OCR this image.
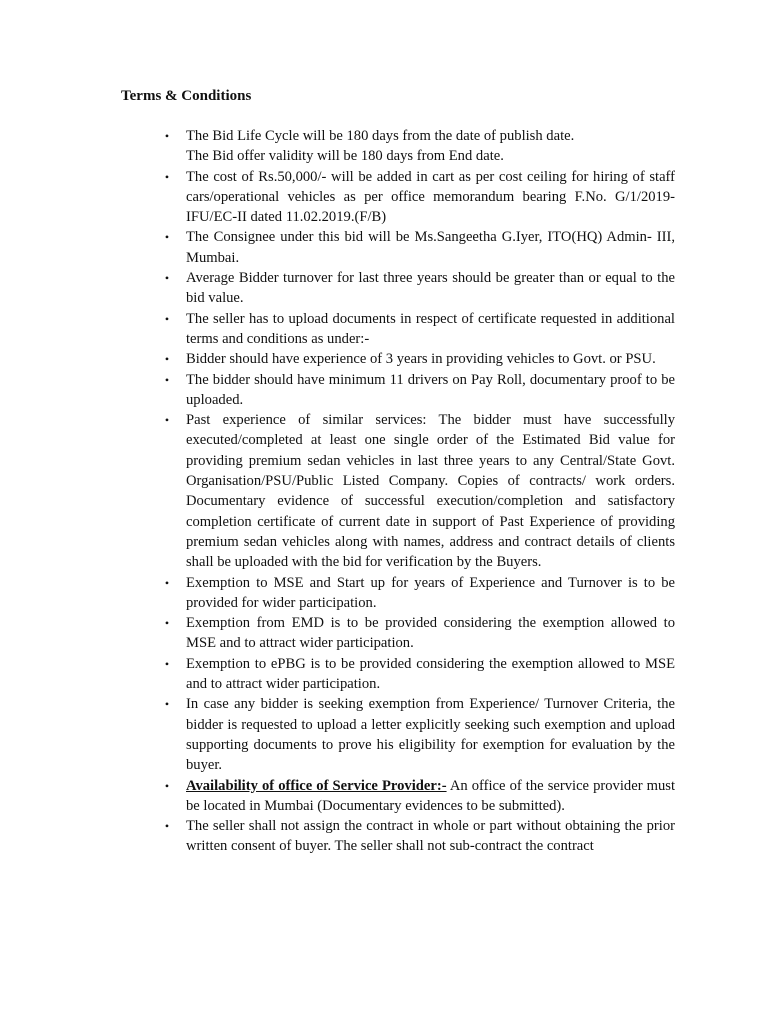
Terms & Conditions
• The Bid Life Cycle will be 180 days from the date of publish date.
The Bid offer validity will be 180 days from End date.
• The cost of Rs.50,000/- will be added in cart as per cost ceiling for hiring of staff cars/operational vehicles as per office memorandum bearing F.No. G/1/2019-IFU/EC-II dated 11.02.2019.(F/B)
• The Consignee under this bid will be Ms.Sangeetha G.Iyer, ITO(HQ) Admin- III, Mumbai.
• Average Bidder turnover for last three years should be greater than or equal to the bid value.
• The seller has to upload documents in respect of certificate requested in additional terms and conditions as under:-
• Bidder should have experience of 3 years in providing vehicles to Govt. or PSU.
• The bidder should have minimum 11 drivers on Pay Roll, documentary proof to be uploaded.
• Past experience of similar services: The bidder must have successfully executed/completed at least one single order of the Estimated Bid value for providing premium sedan vehicles in last three years to any Central/State Govt. Organisation/PSU/Public Listed Company. Copies of contracts/ work orders. Documentary evidence of successful execution/completion and satisfactory completion certificate of current date in support of Past Experience of providing premium sedan vehicles along with names, address and contract details of clients shall be uploaded with the bid for verification by the Buyers.
• Exemption to MSE and Start up for years of Experience and Turnover is to be provided for wider participation.
• Exemption from EMD is to be provided considering the exemption allowed to MSE and to attract wider participation.
• Exemption to ePBG is to be provided considering the exemption allowed to MSE and to attract wider participation.
• In case any bidder is seeking exemption from Experience/ Turnover Criteria, the bidder is requested to upload a letter explicitly seeking such exemption and upload supporting documents to prove his eligibility for exemption for evaluation by the buyer.
• Availability of office of Service Provider:- An office of the service provider must be located in Mumbai (Documentary evidences to be submitted).
• The seller shall not assign the contract in whole or part without obtaining the prior written consent of buyer. The seller shall not sub-contract the contract
